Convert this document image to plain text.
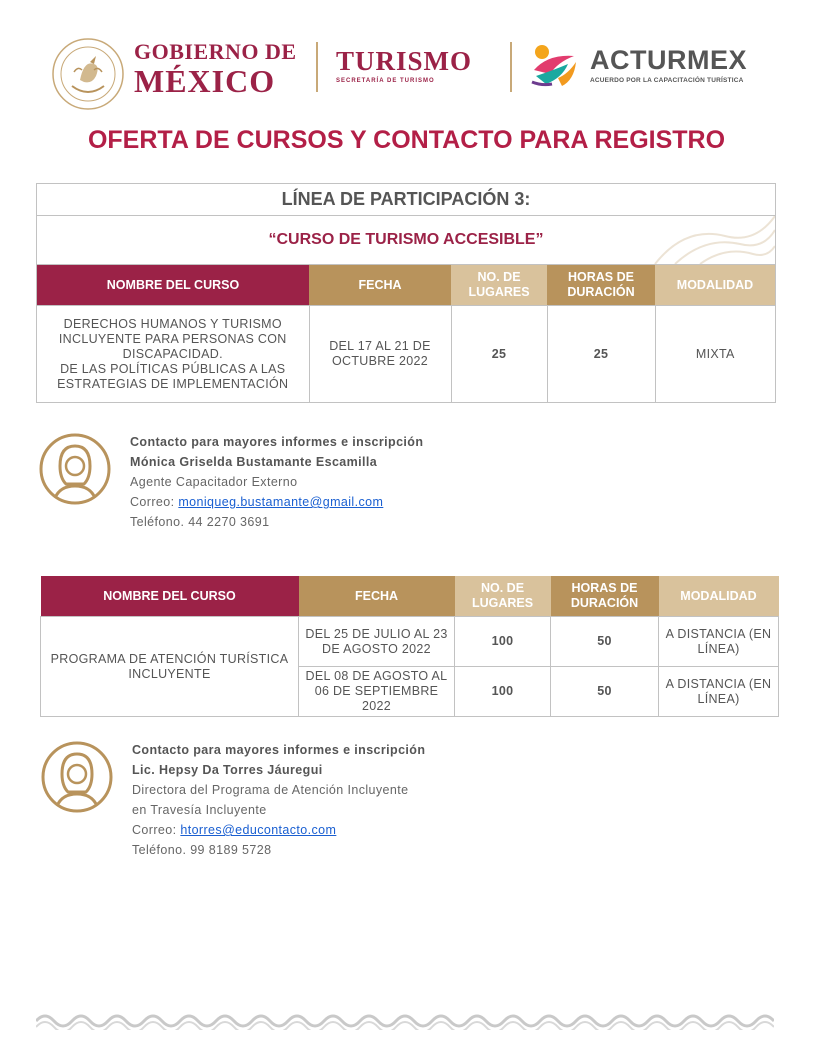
GOBIERNO DE
MÉXICO
TURISMO
SECRETARÍA DE TURISMO
ACTURMEX
ACUERDO POR LA CAPACITACIÓN TURÍSTICA
OFERTA DE CURSOS Y CONTACTO PARA REGISTRO
LÍNEA DE PARTICIPACIÓN 3:
“CURSO DE TURISMO ACCESIBLE”
NOMBRE DEL CURSO	FECHA	NO. DE LUGARES	HORAS DE DURACIÓN	MODALIDAD

DERECHOS HUMANOS Y TURISMO INCLUYENTE PARA PERSONAS CON DISCAPACIDAD.
DE LAS POLÍTICAS PÚBLICAS A LAS ESTRATEGIAS DE IMPLEMENTACIÓN	DEL 17 AL 21 DE OCTUBRE 2022	25	25	MIXTA
Contacto para mayores informes e inscripción
Mónica Griselda Bustamante Escamilla
Agente Capacitador Externo
Correo: moniqueg.bustamante@gmail.com
Teléfono. 44 2270 3691
NOMBRE DEL CURSO	FECHA	NO. DE LUGARES	HORAS DE DURACIÓN	MODALIDAD
PROGRAMA DE ATENCIÓN TURÍSTICA INCLUYENTE	DEL 25 DE JULIO AL 23 DE AGOSTO 2022	100	50	A DISTANCIA (EN LÍNEA)
	DEL 08 DE AGOSTO AL 06 DE SEPTIEMBRE 2022	100	50	A DISTANCIA (EN LÍNEA)
Contacto para mayores informes e inscripción
Lic. Hepsy Da Torres Jáuregui
Directora del Programa de Atención Incluyente
en Travesía Incluyente
Correo: htorres@educontacto.com
Teléfono. 99 8189 5728
